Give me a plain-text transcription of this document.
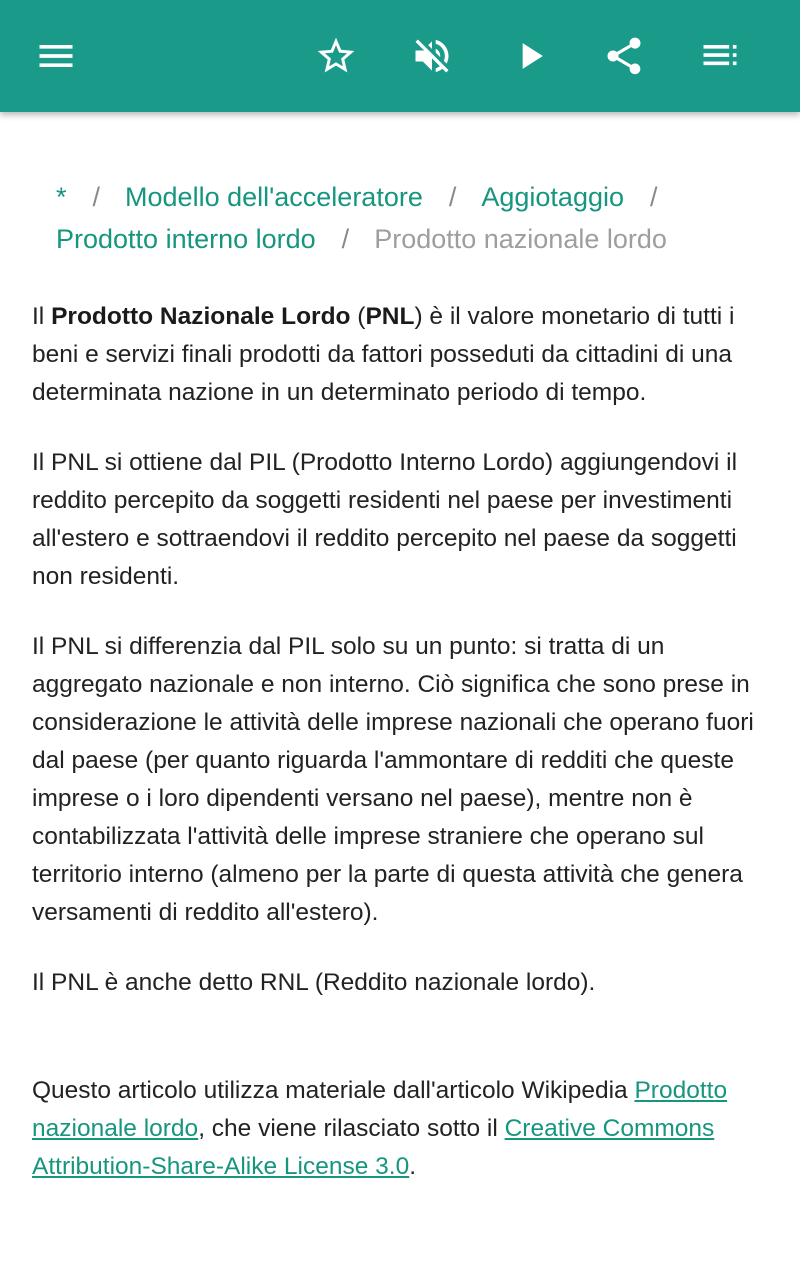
* / Modello dell'acceleratore / Aggiotaggio /
Prodotto interno lordo / Prodotto nazionale lordo

Il Prodotto Nazionale Lordo (PNL) è il valore monetario di tutti i beni e servizi finali prodotti da fattori posseduti da cittadini di una determinata nazione in un determinato periodo di tempo.

Il PNL si ottiene dal PIL (Prodotto Interno Lordo) aggiungendovi il reddito percepito da soggetti residenti nel paese per investimenti all'estero e sottraendovi il reddito percepito nel paese da soggetti non residenti.

Il PNL si differenzia dal PIL solo su un punto: si tratta di un aggregato nazionale e non interno. Ciò significa che sono prese in considerazione le attività delle imprese nazionali che operano fuori dal paese (per quanto riguarda l'ammontare di redditi che queste imprese o i loro dipendenti versano nel paese), mentre non è contabilizzata l'attività delle imprese straniere che operano sul territorio interno (almeno per la parte di questa attività che genera versamenti di reddito all'estero).

Il PNL è anche detto RNL (Reddito nazionale lordo).

Questo articolo utilizza materiale dall'articolo Wikipedia Prodotto nazionale lordo, che viene rilasciato sotto il Creative Commons Attribution-Share-Alike License 3.0.
